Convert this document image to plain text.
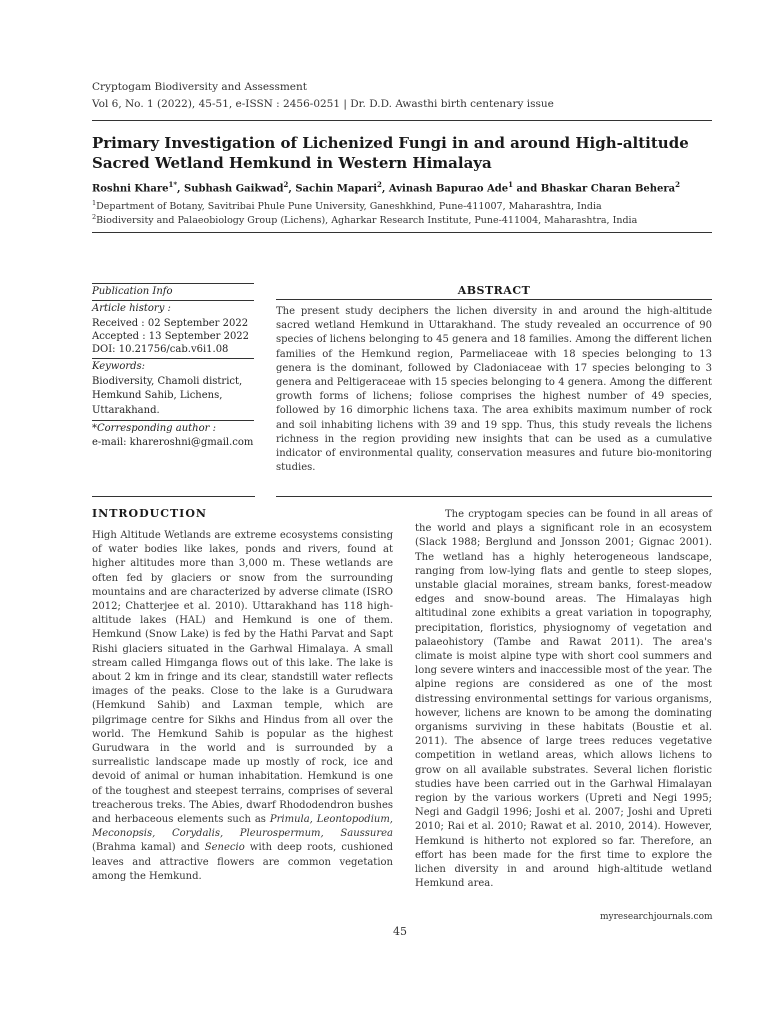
Cryptogam Biodiversity and Assessment
Vol 6, No. 1 (2022), 45-51, e-ISSN : 2456-0251 | Dr. D.D. Awasthi birth centenary issue
Primary Investigation of Lichenized Fungi in and around High-altitude Sacred Wetland Hemkund in Western Himalaya
Roshni Khare$^{1*}$, Subhash Gaikwad$^2$, Sachin Mapari$^2$, Avinash Bapurao Ade$^1$ and Bhaskar Charan Behera$^2$
$^1$Department of Botany, Savitribai Phule Pune University, Ganeshkhind, Pune-411007, Maharashtra, India
$^2$Biodiversity and Palaeobiology Group (Lichens), Agharkar Research Institute, Pune-411004, Maharashtra, India
Publication Info
Article history :
Received : 02 September 2022
Accepted : 13 September 2022
DOI: 10.21756/cab.v6i1.08
Keywords:
Biodiversity, Chamoli district,
Hemkund Sahib, Lichens,
Uttarakhand.
*Corresponding author :
e-mail: khareroshni@gmail.com
ABSTRACT
The present study deciphers the lichen diversity in and around the high-altitude sacred wetland Hemkund in Uttarakhand. The study revealed an occurrence of 90 species of lichens belonging to 45 genera and 18 families. Among the different lichen families of the Hemkund region, Parmeliaceae with 18 species belonging to 13 genera is the dominant, followed by Cladoniaceae with 17 species belonging to 3 genera and Peltigeraceae with 15 species belonging to 4 genera. Among the different growth forms of lichens; foliose comprises the highest number of 49 species, followed by 16 dimorphic lichens taxa. The area exhibits maximum number of rock and soil inhabiting lichens with 39 and 19 spp. Thus, this study reveals the lichens richness in the region providing new insights that can be used as a cumulative indicator of environmental quality, conservation measures and future bio-monitoring studies.
INTRODUCTION

High Altitude Wetlands are extreme ecosystems consisting of water bodies like lakes, ponds and rivers, found at higher altitudes more than 3,000 m. These wetlands are often fed by glaciers or snow from the surrounding mountains and are characterized by adverse climate (ISRO 2012; Chatterjee et al. 2010). Uttarakhand has 118 high-altitude lakes (HAL) and Hemkund is one of them. Hemkund (Snow Lake) is fed by the Hathi Parvat and Sapt Rishi glaciers situated in the Garhwal Himalaya. A small stream called Himganga flows out of this lake. The lake is about 2 km in fringe and its clear, standstill water reflects images of the peaks. Close to the lake is a Gurudwara (Hemkund Sahib) and Laxman temple, which are pilgrimage centre for Sikhs and Hindus from all over the world. The Hemkund Sahib is popular as the highest Gurudwara in the world and is surrounded by a surrealistic landscape made up mostly of rock, ice and devoid of animal or human inhabitation. Hemkund is one of the toughest and steepest terrains, comprises of several treacherous treks. The Abies, dwarf Rhododendron bushes and herbaceous elements such as Primula, Leontopodium, Meconopsis, Corydalis, Pleurospermum, Saussurea (Brahma kamal) and Senecio with deep roots, cushioned leaves and attractive flowers are common vegetation among the Hemkund.

The cryptogam species can be found in all areas of the world and plays a significant role in an ecosystem (Slack 1988; Berglund and Jonsson 2001; Gignac 2001). The wetland has a highly heterogeneous landscape, ranging from low-lying flats and gentle to steep slopes, unstable glacial moraines, stream banks, forest-meadow edges and snow-bound areas. The Himalayas high altitudinal zone exhibits a great variation in topography, precipitation, floristics, physiognomy of vegetation and palaeohistory (Tambe and Rawat 2011). The area's climate is moist alpine type with short cool summers and long severe winters and inaccessible most of the year. The alpine regions are considered as one of the most distressing environmental settings for various organisms, however, lichens are known to be among the dominating organisms surviving in these habitats (Boustie et al. 2011). The absence of large trees reduces vegetative competition in wetland areas, which allows lichens to grow on all available substrates. Several lichen floristic studies have been carried out in the Garhwal Himalayan region by the various workers (Upreti and Negi 1995; Negi and Gadgil 1996; Joshi et al. 2007; Joshi and Upreti 2010; Rai et al. 2010; Rawat et al. 2010, 2014). However, Hemkund is hitherto not explored so far. Therefore, an effort has been made for the first time to explore the lichen diversity in and around high-altitude wetland Hemkund area.

myresearchjournals.com
45
